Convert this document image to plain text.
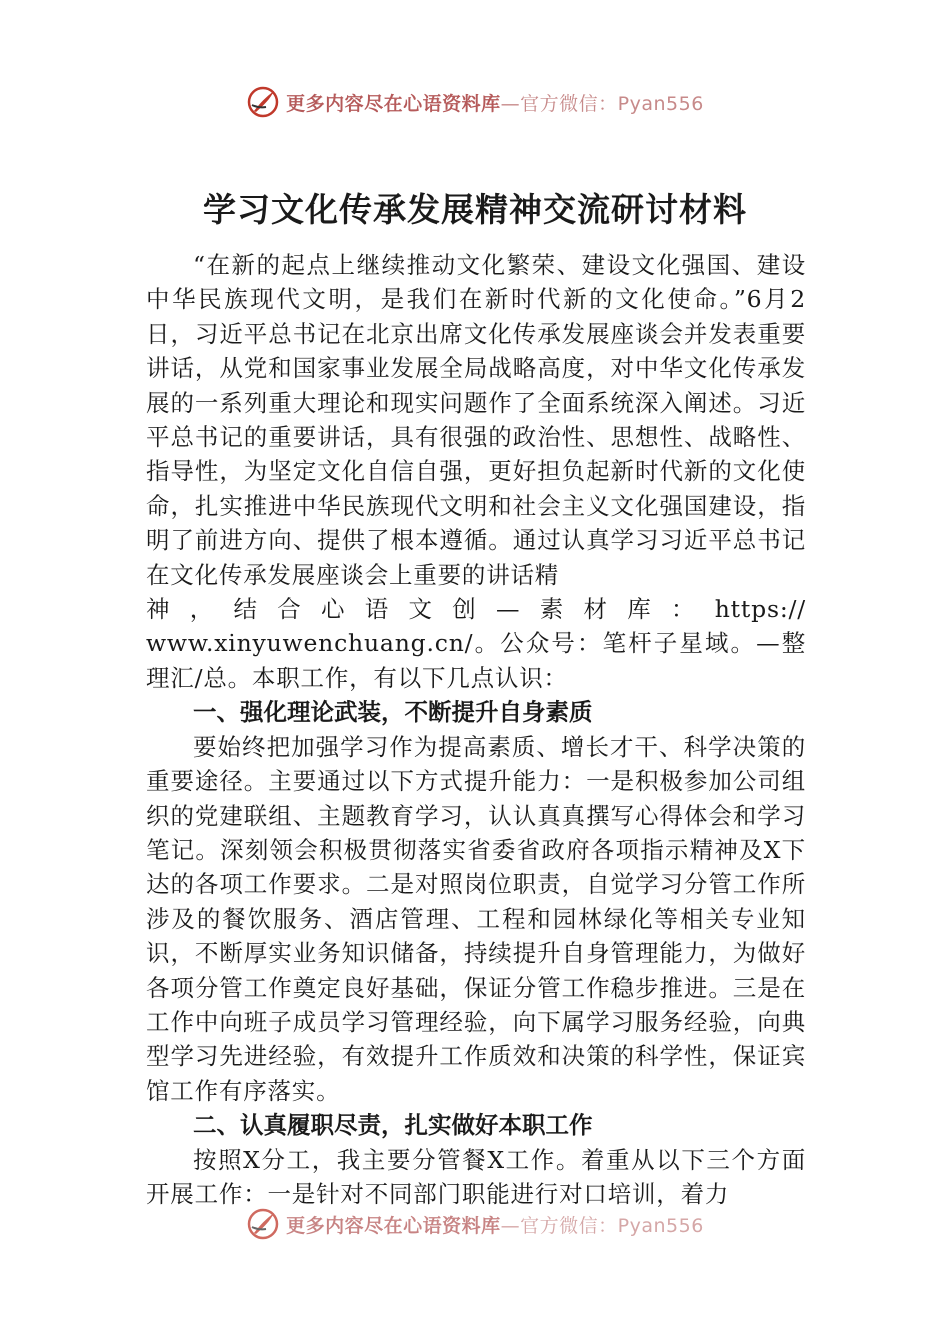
更多内容尽在心语资料库—官方微信：Pyan556
学习文化传承发展精神交流研讨材料

“在新的起点上继续推动文化繁荣、建设文化强国、建设中华民族现代文明，是我们在新时代新的文化使命。”6月2日，习近平总书记在北京出席文化传承发展座谈会并发表重要讲话，从党和国家事业发展全局战略高度，对中华文化传承发展的一系列重大理论和现实问题作了全面系统深入阐述。习近平总书记的重要讲话，具有很强的政治性、思想性、战略性、指导性，为坚定文化自信自强，更好担负起新时代新的文化使命，扎实推进中华民族现代文明和社会主义文化强国建设，指明了前进方向、提供了根本遵循。通过认真学习习近平总书记在文化传承发展座谈会上重要的讲话精

神，结合心语文创—素材库：https://

www.xinyuwenchuang.cn/。公众号：笔杆子星域。—整理汇/总。本职工作，有以下几点认识：

一、强化理论武装，不断提升自身素质

要始终把加强学习作为提高素质、增长才干、科学决策的重要途径。主要通过以下方式提升能力：一是积极参加公司组织的党建联组、主题教育学习，认认真真撰写心得体会和学习笔记。深刻领会积极贯彻落实省委省政府各项指示精神及X下达的各项工作要求。二是对照岗位职责，自觉学习分管工作所涉及的餐饮服务、酒店管理、工程和园林绿化等相关专业知识，不断厚实业务知识储备，持续提升自身管理能力，为做好各项分管工作奠定良好基础，保证分管工作稳步推进。三是在工作中向班子成员学习管理经验，向下属学习服务经验，向典型学习先进经验，有效提升工作质效和决策的科学性，保证宾馆工作有序落实。

二、认真履职尽责，扎实做好本职工作

按照X分工，我主要分管餐X工作。着重从以下三个方面开展工作：一是针对不同部门职能进行对口培训，着力

更多内容尽在心语资料库—官方微信：Pyan556
